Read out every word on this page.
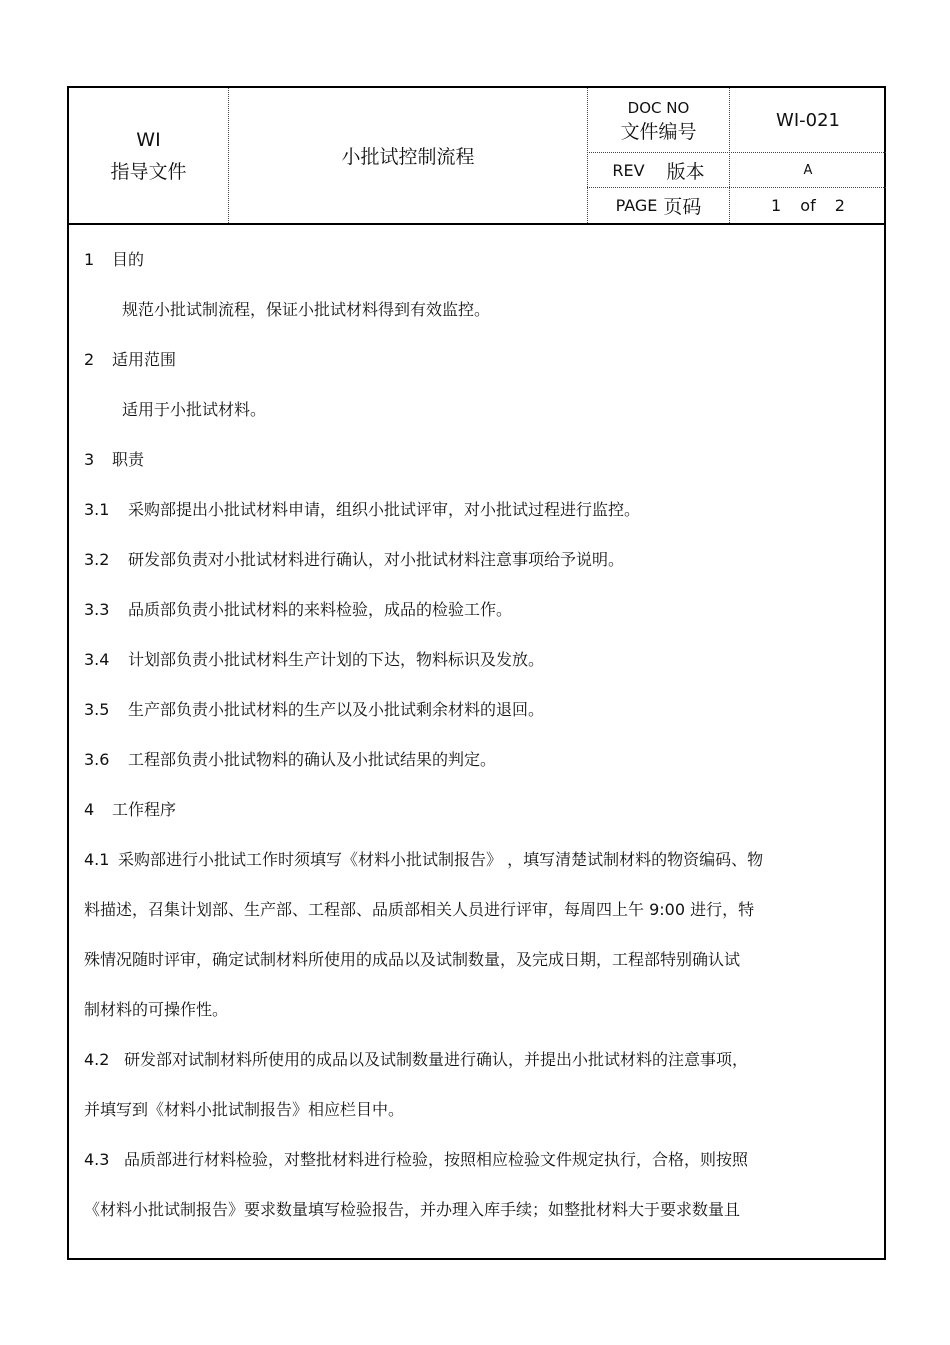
WI
指导文件
小批试控制流程
DOC NO
文件编号
WI-021
REV 版本	A
PAGE 页码	1 of 2
1 目的
规范小批试制流程，保证小批试材料得到有效监控。
2 适用范围
适用于小批试材料。
3 职责
3.1 采购部提出小批试材料申请，组织小批试评审，对小批试过程进行监控。
3.2 研发部负责对小批试材料进行确认，对小批试材料注意事项给予说明。
3.3 品质部负责小批试材料的来料检验，成品的检验工作。
3.4 计划部负责小批试材料生产计划的下达，物料标识及发放。
3.5 生产部负责小批试材料的生产以及小批试剩余材料的退回。
3.6 工程部负责小批试物料的确认及小批试结果的判定。
4 工作程序
4.1 采购部进行小批试工作时须填写《材料小批试制报告》 ，填写清楚试制材料的物资编码、物
料描述，召集计划部、生产部、工程部、品质部相关人员进行评审，每周四上午 9:00 进行，特
殊情况随时评审，确定试制材料所使用的成品以及试制数量，及完成日期，工程部特别确认试
制材料的可操作性。
4.2 研发部对试制材料所使用的成品以及试制数量进行确认，并提出小批试材料的注意事项，
并填写到《材料小批试制报告》相应栏目中。
4.3 品质部进行材料检验，对整批材料进行检验，按照相应检验文件规定执行，合格，则按照
《材料小批试制报告》要求数量填写检验报告，并办理入库手续；如整批材料大于要求数量且
